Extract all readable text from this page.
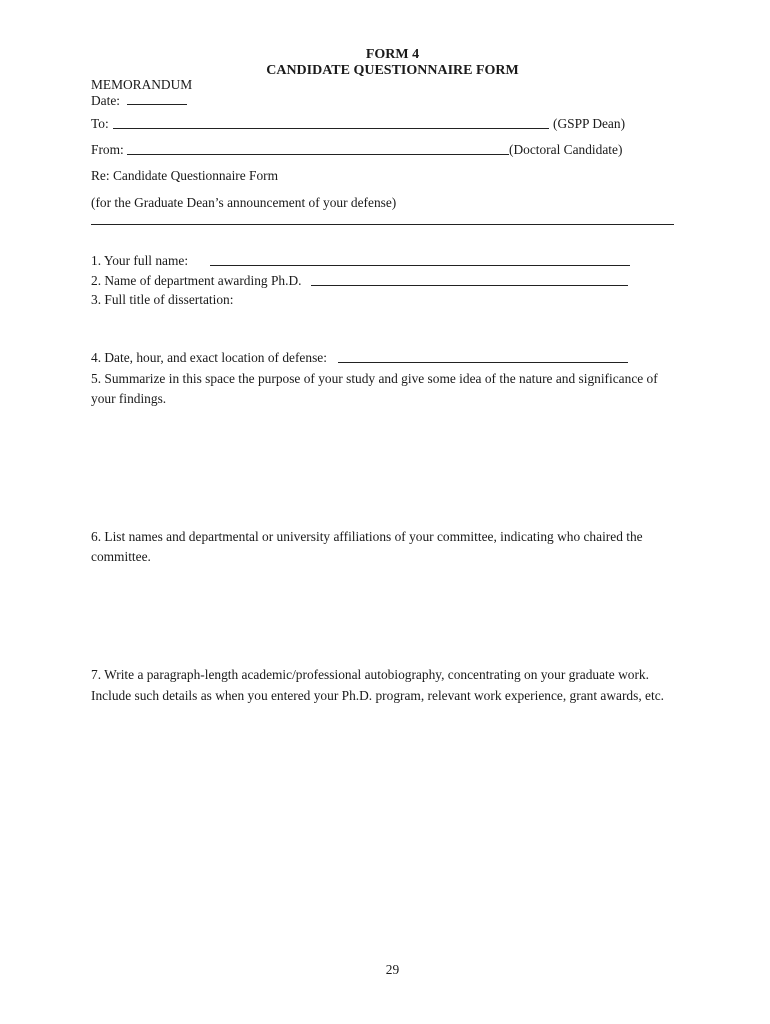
FORM 4
CANDIDATE QUESTIONNAIRE FORM
MEMORANDUM
Date:
To:	(GSPP Dean)
From:	(Doctoral Candidate)
Re: Candidate Questionnaire Form
(for the Graduate Dean’s announcement of your defense)
1. Your full name:
2. Name of department awarding Ph.D.
3. Full title of dissertation:
4. Date, hour, and exact location of defense:
5. Summarize in this space the purpose of your study and give some idea of the nature and significance of
your findings.
6. List names and departmental or university affiliations of your committee, indicating who chaired the
committee.
7. Write a paragraph-length academic/professional autobiography, concentrating on your graduate work.
Include such details as when you entered your Ph.D. program, relevant work experience, grant awards, etc.
29
